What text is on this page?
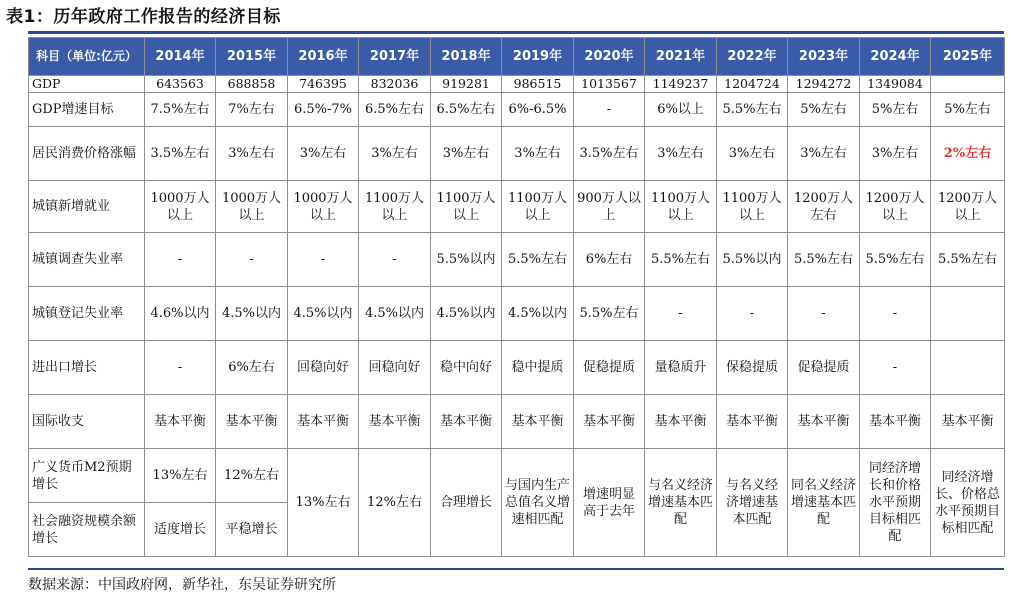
表1：历年政府工作报告的经济目标
科目（单位:亿元）	2014年	2015年	2016年	2017年	2018年	2019年	2020年	2021年	2022年	2023年	2024年	2025年
GDP	643563	688858	746395	832036	919281	986515	1013567	1149237	1204724	1294272	1349084	
GDP增速目标	7.5%左右	7%左右	6.5%-7%	6.5%左右	6.5%左右	6%-6.5%	-	6%以上	5.5%左右	5%左右	5%左右	5%左右
居民消费价格涨幅	3.5%左右	3%左右	3%左右	3%左右	3%左右	3%左右	3.5%左右	3%左右	3%左右	3%左右	3%左右	2%左右
城镇新增就业	1000万人以上	1000万人以上	1000万人以上	1100万人以上	1100万人以上	1100万人以上	900万人以上	1100万人以上	1100万人以上	1200万人左右	1200万人以上	1200万人以上
城镇调查失业率	-	-	-	-	5.5%以内	5.5%左右	6%左右	5.5%左右	5.5%以内	5.5%左右	5.5%左右	5.5%左右
城镇登记失业率	4.6%以内	4.5%以内	4.5%以内	4.5%以内	4.5%以内	4.5%以内	5.5%左右	-	-	-	-	
进出口增长	-	6%左右	回稳向好	回稳向好	稳中向好	稳中提质	促稳提质	量稳质升	保稳提质	促稳提质	-	
国际收支	基本平衡	基本平衡	基本平衡	基本平衡	基本平衡	基本平衡	基本平衡	基本平衡	基本平衡	基本平衡	基本平衡	基本平衡
广义货币M2预期增长	13%左右	12%左右	13%左右	12%左右	合理增长	与国内生产总值名义增速相匹配	增速明显高于去年	与名义经济增速基本匹配	与名义经济增速基本匹配	同名义经济增速基本匹配	同经济增长和价格水平预期目标相匹配	同经济增长、价格总水平预期目标相匹配
社会融资规模余额增长	适度增长	平稳增长										
数据来源：中国政府网，新华社，东吴证券研究所
